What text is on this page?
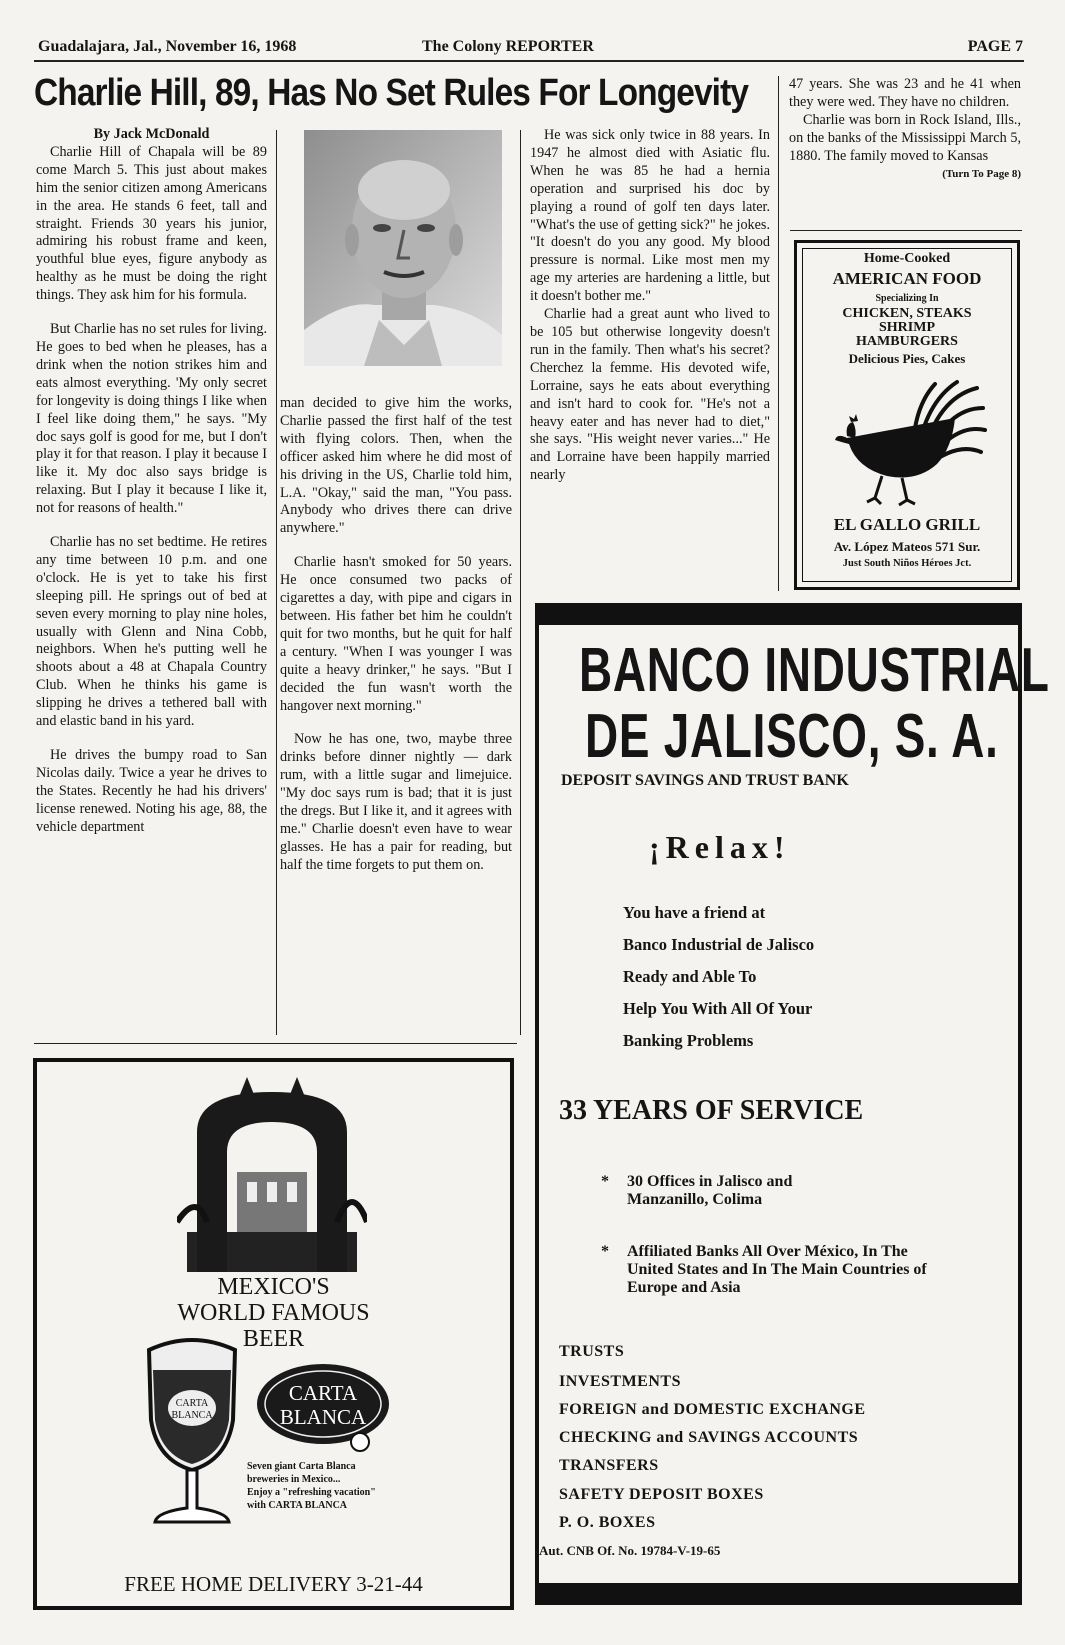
Guadalajara, Jal., November 16, 1968	The Colony REPORTER	PAGE 7
Charlie Hill, 89, Has No Set Rules For Longevity

By Jack McDonald

Charlie Hill of Chapala will be 89 come March 5. This just about makes him the senior citizen among Americans in the area. He stands 6 feet, tall and straight. Friends 30 years his junior, admiring his robust frame and keen, youthful blue eyes, figure anybody as healthy as he must be doing the right things. They ask him for his formula.

But Charlie has no set rules for living. He goes to bed when he pleases, has a drink when the notion strikes him and eats almost everything. 'My only secret for longevity is doing things I like when I feel like doing them," he says. "My doc says golf is good for me, but I don't play it for that reason. I play it because I like it. My doc also says bridge is relaxing. But I play it because I like it, not for reasons of health."

Charlie has no set bedtime. He retires any time between 10 p.m. and one o'clock. He is yet to take his first sleeping pill. He springs out of bed at seven every morning to play nine holes, usually with Glenn and Nina Cobb, neighbors. When he's putting well he shoots about a 48 at Chapala Country Club. When he thinks his game is slipping he drives a tethered ball with and elastic band in his yard.

He drives the bumpy road to San Nicolas daily. Twice a year he drives to the States. Recently he had his drivers' license renewed. Noting his age, 88, the vehicle department

man decided to give him the works, Charlie passed the first half of the test with flying colors. Then, when the officer asked him where he did most of his driving in the US, Charlie told him, L.A. "Okay," said the man, "You pass. Anybody who drives there can drive anywhere."

Charlie hasn't smoked for 50 years. He once consumed two packs of cigarettes a day, with pipe and cigars in between. His father bet him he couldn't quit for two months, but he quit for half a century. "When I was younger I was quite a heavy drinker," he says. "But I decided the fun wasn't worth the hangover next morning."

Now he has one, two, maybe three drinks before dinner nightly — dark rum, with a little sugar and limejuice. "My doc says rum is bad; that it is just the dregs. But I like it, and it agrees with me." Charlie doesn't even have to wear glasses. He has a pair for reading, but half the time forgets to put them on.

He was sick only twice in 88 years. In 1947 he almost died with Asiatic flu. When he was 85 he had a hernia operation and surprised his doc by playing a round of golf ten days later. "What's the use of getting sick?" he jokes. "It doesn't do you any good. My blood pressure is normal. Like most men my age my arteries are hardening a little, but it doesn't bother me."

Charlie had a great aunt who lived to be 105 but otherwise longevity doesn't run in the family. Then what's his secret? Cherchez la femme. His devoted wife, Lorraine, says he eats about everything and isn't hard to cook for. "He's not a heavy eater and has never had to diet," she says. "His weight never varies..." He and Lorraine have been happily married nearly

47 years. She was 23 and he 41 when they were wed. They have no children.

Charlie was born in Rock Island, Ills., on the banks of the Mississippi March 5, 1880. The family moved to Kansas

(Turn To Page 8)
Home-Cooked
AMERICAN FOOD
Specializing In
CHICKEN, STEAKS
SHRIMP
HAMBURGERS
Delicious Pies, Cakes
EL GALLO GRILL
Av. López Mateos 571 Sur.
Just South Niños Héroes Jct.
BANCO INDUSTRIAL
DE JALISCO, S. A.
DEPOSIT SAVINGS AND TRUST BANK
¡Relax!
You have a friend at
Banco Industrial de Jalisco
Ready and Able To
Help You With All Of Your
Banking Problems
33 YEARS OF SERVICE
* 30 Offices in Jalisco and Manzanillo, Colima
* Affiliated Banks All Over México, In The United States and In The Main Countries of Europe and Asia
TRUSTS
INVESTMENTS
FOREIGN and DOMESTIC EXCHANGE
CHECKING and SAVINGS ACCOUNTS
TRANSFERS
SAFETY DEPOSIT BOXES
P. O. BOXES
Aut. CNB Of. No. 19784-V-19-65
MEXICO'S
WORLD FAMOUS
BEER
CARTA
BLANCA
CARTA
BLANCA
Seven giant Carta Blanca
breweries in Mexico...
Enjoy a "refreshing vacation"
with CARTA BLANCA
FREE HOME DELIVERY 3-21-44
